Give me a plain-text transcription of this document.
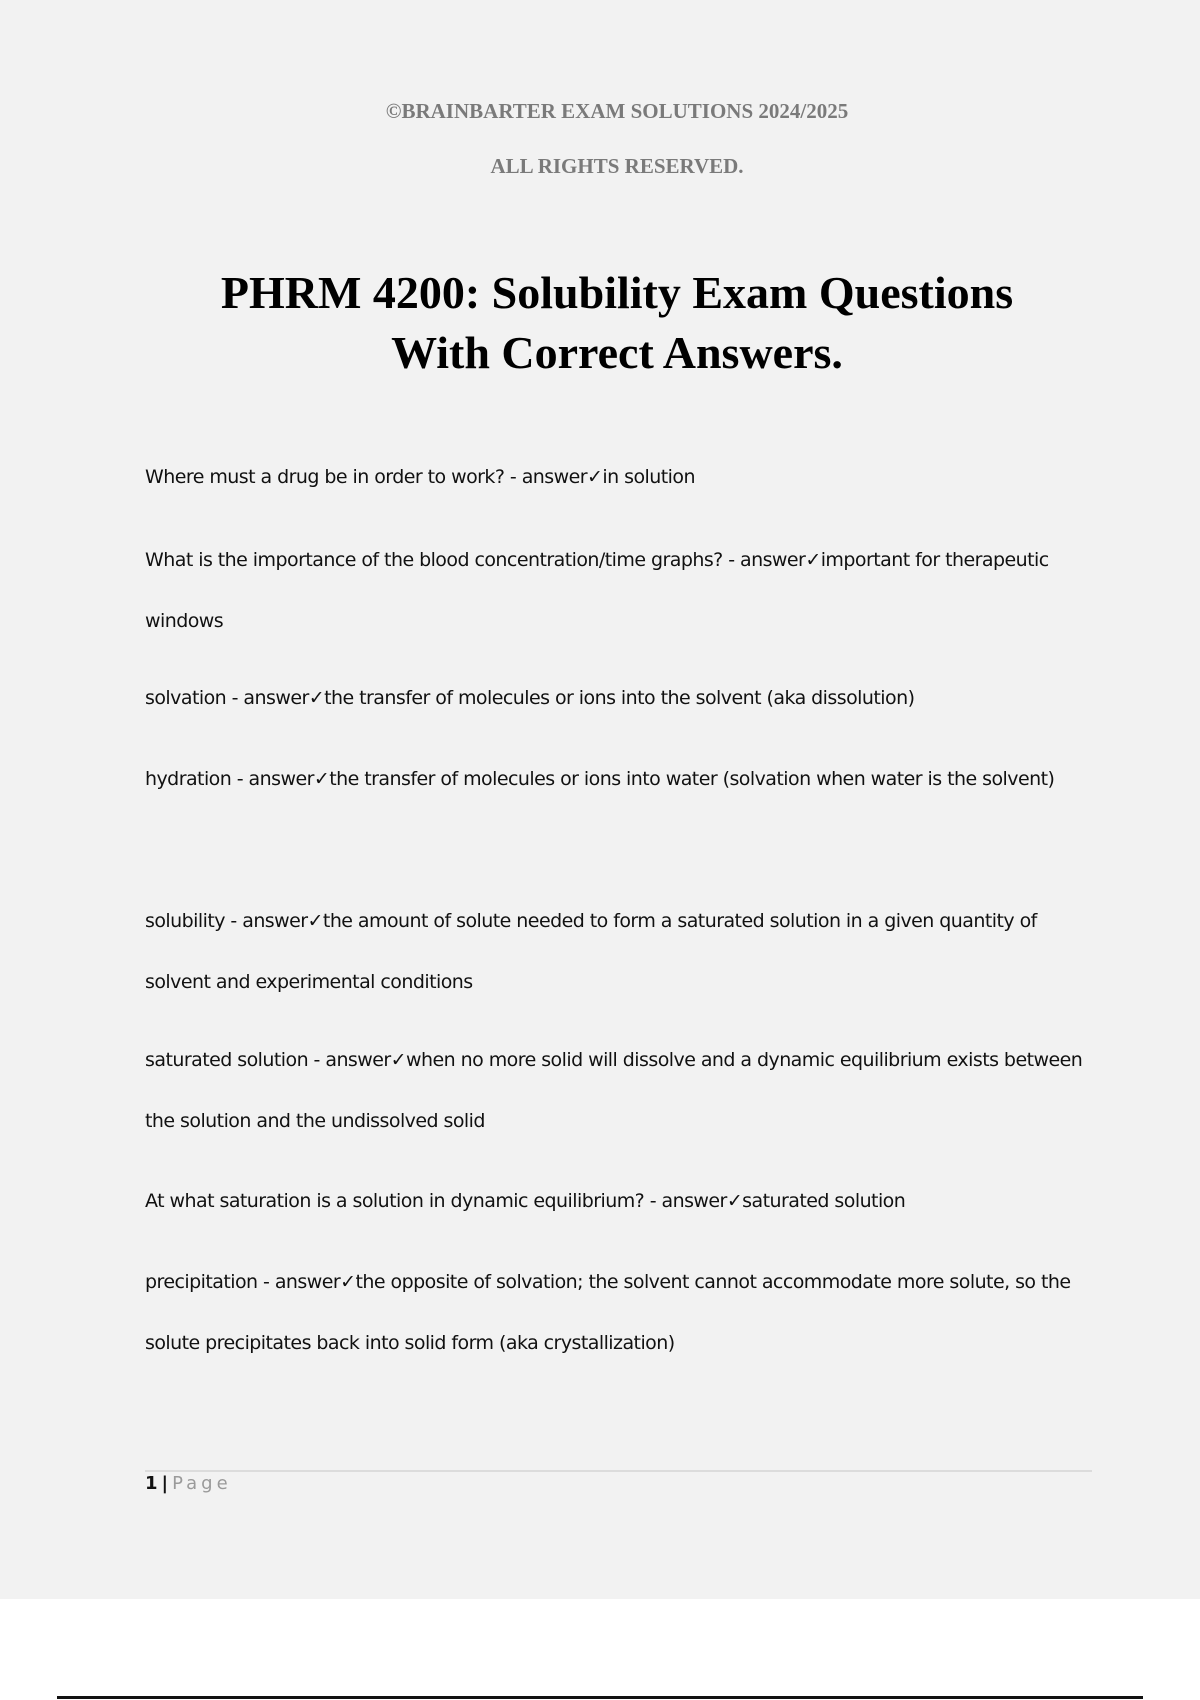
©BRAINBARTER EXAM SOLUTIONS 2024/2025
ALL RIGHTS RESERVED.
PHRM 4200: Solubility Exam Questions
With Correct Answers.
Where must a drug be in order to work? - answer✓in solution
What is the importance of the blood concentration/time graphs? - answer✓important for therapeutic windows
solvation - answer✓the transfer of molecules or ions into the solvent (aka dissolution)
hydration - answer✓the transfer of molecules or ions into water (solvation when water is the solvent)
solubility - answer✓the amount of solute needed to form a saturated solution in a given quantity of solvent and experimental conditions
saturated solution - answer✓when no more solid will dissolve and a dynamic equilibrium exists between the solution and the undissolved solid
At what saturation is a solution in dynamic equilibrium? - answer✓saturated solution
precipitation - answer✓the opposite of solvation; the solvent cannot accommodate more solute, so the solute precipitates back into solid form (aka crystallization)
1 | Page
